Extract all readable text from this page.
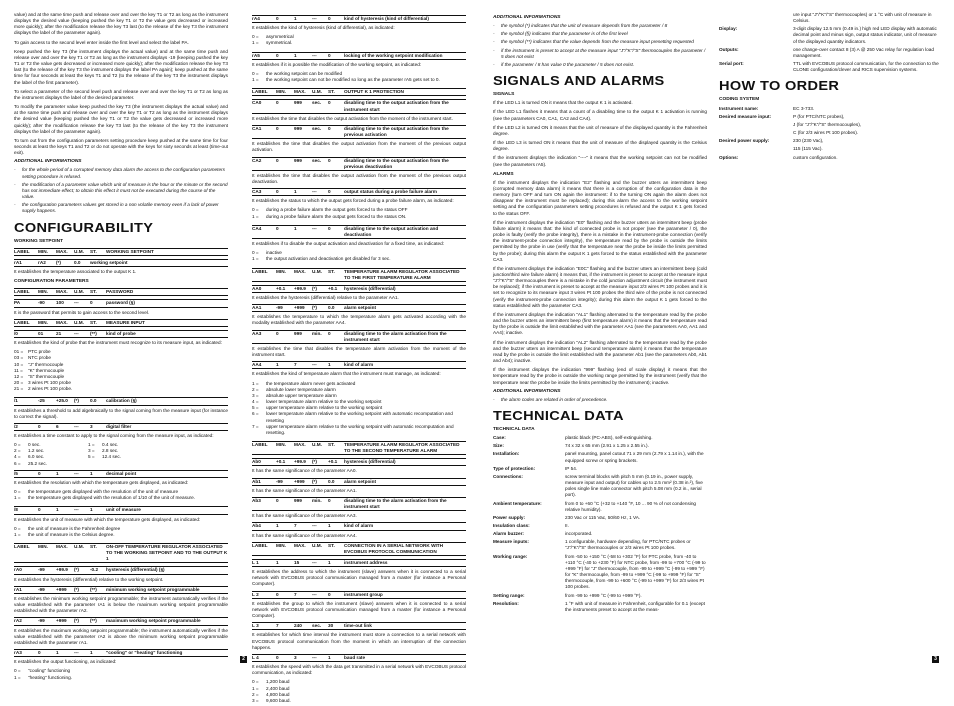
value) and at the same time push and release over and over the key T1 or T2 as long as the instrument displays the desired value (keeping pushed the key T1 or T2 the value gets decreased or increased more quickly); after the modification release the key T3 last (to the release of the key T3 the instrument displays the label of the parameter again).

To gain access to the second level enter inside the first level and select the label PA.

Keep pushed the key T3 (the instrument displays the actual value) and at the same time push and release over and over the key T1 or T2 as long as the instrument displays -19 (keeping pushed the key T1 or T2 the value gets decreased or increased more quickly); after the modification release the key T3 last (to the release of the key T3 the instrument displays the label PA again); keep pushed at the same time for four seconds at least the keys T1 and T2 (to the release of the key T3 the instrument displays the label of the first parameter).

To select a parameter of the second level push and release over and over the key T1 or T2 as long as the instrument displays the label of the desired parameter.

To modify the parameter value keep pushed the key T3 (the instrument displays the actual value) and at the same time push and release over and over the key T1 or T2 as long as the instrument displays the desired value (keeping pushed the key T1 or T2 the value gets decreased or increased more quickly); after the modification release the key T3 last (to the release of the key T3 the instrument displays the label of the parameter again).

To turn out from the configuration parameters setting procedure keep pushed at the same time for four seconds at least the keys T1 and T2 or do not operate with the keys for sixty seconds at least (time-out exit).

ADDITIONAL INFORMATIONS
-	for the whole period of a corrupted memory data alarm the access to the configuration parameters setting procedure is refused.
-	the modification of a parameter value which unit of measure is the hour or the minute or the second has not immediate effect; to obtain this effect it must not be executed during the course of the value.
-	the configuration parameters values get stored in a non volatile memory even if a lack of power supply happens.
CONFIGURABILITY
WORKING SETPOINT
LABEL	MIN.	MAX.	U.M.	ST.	WORKING SETPOINT
rA1	rA2	(*)	0.0	working setpoint

It establishes the temperature associated to the output K 1.

CONFIGURATION PARAMETERS
LABEL	MIN.	MAX.	U.M.	ST.	PASSWORD
PA	-90	100	---	0	password (§)

It is the password that permits to gain access to the second level.

LABEL	MIN.	MAX.	U.M.	ST.	MEASURE INPUT
/0	01	21	---	(**)	kind of probe

It establishes the kind of probe that the instrument must recognize to its measure input, as indicated:

01 =	PTC probe
03 =	NTC probe
10 =	"J" thermocouple
11 =	"K" thermocouple
12 =	"S" thermocouple
20 =	3 wires Pt 100 probe
21 =	2 wires Pt 100 probe.
/1	-25	+25.0	(*)	0.0	calibration (§)

It establishes a threshold to add algebraically to the signal coming from the measure input (for instance to correct the signal).

/2	0	6	---	3	digital filter

It establishes a time constant to apply to the signal coming from the measure input, as indicated:

0 =	0 sec.	1 =	0.4 sec.
2 =	1.2 sec.	3 =	2.8 sec.
4 =	6.0 sec.	5 =	12.4 sec.
6 =	25.2 sec.
/5	0	1	---	1	decimal point

It establishes the resolution with which the temperature gets displayed, as indicated:

0 =	the temperature gets displayed with the resolution of the unit of measure
1 =	the temperature gets displayed with the resolution of 1/10 of the unit of measure.
/8	0	1	---	1	unit of measure

It establishes the unit of measure with which the temperature gets displayed, as indicated:

0 =	the unit of measure is the Fahrenheit degree
1 =	the unit of measure is the Celsius degree.
LABEL	MIN.	MAX.	U.M.	ST.	ON-OFF TEMPERATURE REGULATOR ASSOCIATED TO THE WORKING SETPOINT AND TO THE OUTPUT K 1
rA0	-99	+99.9	(*)	-0.2	hysteresis (differential) (§)

It establishes the hysteresis (differential) relative to the working setpoint.

rA1	-99	+999	(*)	(**)	minimum working setpoint programmable

It establishes the minimum working setpoint programmable; the instrument automatically verifies if the value established with the parameter rA1 is below the maximum working setpoint programmable established with the parameter rA2.

rA2	-99	+999	(*)	(**)	maximum working setpoint programmable

It establishes the maximum working setpoint programmable; the instrument automatically verifies if the value established with the parameter rA2 is above the minimum working setpoint programmable established with the parameter rA1.

rA3	0	1	---	1	"cooling" or "heating" functioning

It establishes the output functioning, as indicated:

0 =	"cooling" functioning
1 =	"heating" functioning.
rA4	0	1	---	0	kind of hysteresis (kind of differential)

It establishes the kind of hysteresis (kind of differential), as indicated:

0 =	asymmetrical
1 =	symmetrical.
rA5	0	1	---	0	locking of the working setpoint modification

It establishes if it is possible the modification of the working setpoint, as indicated:

0 =	the working setpoint can be modified
1 =	the working setpoint can not be modified so long as the parameter rA5 gets set to 0.
LABEL	MIN.	MAX.	U.M.	ST.	OUTPUT K 1 PROTECTION
CA0	0	999	sec.	0	disabling time to the output activation from the instrument start

It establishes the time that disables the output activation from the moment of the instrument start.

CA1	0	999	sec.	0	disabling time to the output activation from the previous activation

It establishes the time that disables the output activation from the moment of the previous output activation.

CA2	0	999	sec.	0	disabling time to the output activation from the previous deactivation

It establishes the time that disables the output activation from the moment of the previous output deactivation.

CA3	0	1	---	0	output status during a probe failure alarm

It establishes the status to which the output gets forced during a probe failure alarm, as indicated:

0 =	during a probe failure alarm the output gets forced to the status OFF
1 =	during a probe failure alarm the output gets forced to the status ON.
CA4	0	1	---	0	disabling time to the output activation and deactivation

It establishes if to disable the output activation and deactivation for a fixed time, as indicated:

0 =	inactive
1 =	the output activation and deactivation get disabled for 3 sec.
LABEL	MIN.	MAX.	U.M.	ST.	TEMPERATURE ALARM REGULATOR ASSOCIATED TO THE FIRST TEMPERATURE ALARM
AA0	+0.1	+99.9	(*)	+0.1	hysteresis (differential)

It establishes the hysteresis (differential) relative to the parameter AA1.

AA1	-99	+999	(*)	0.0	alarm setpoint

It establishes the temperature to which the temperature alarm gets activated according with the modality established with the parameter AA4.

AA3	0	999	min.	0	disabling time to the alarm activation from the instrument start

It establishes the time that disables the temperature alarm activation from the moment of the instrument start.

AA4	1	7	---	1	kind of alarm

It establishes the kind of temperature alarm that the instrument must manage, as indicated:

1 =	the temperature alarm never gets activated
2 =	absolute lower temperature alarm
3 =	absolute upper temperature alarm
4 =	lower temperature alarm relative to the working setpoint
5 =	upper temperature alarm relative to the working setpoint
6 =	lower temperature alarm relative to the working setpoint with automatic recomputation and resetting
7 =	upper temperature alarm relative to the working setpoint with automatic recomputation and resetting.
LABEL	MIN.	MAX.	U.M.	ST.	TEMPERATURE ALARM REGULATOR ASSOCIATED TO THE SECOND TEMPERATURE ALARM
Ab0	+0.1	+99.9	(*)	+0.1	hysteresis (differential)

It has the same significance of the parameter AA0.

Ab1	-99	+999	(*)	0.0	alarm setpoint

It has the same significance of the parameter AA1.

Ab3	0	999	min.	0	disabling time to the alarm activation from the instrument start

It has the same significance of the parameter AA3.

Ab4	1	7	---	1	kind of alarm

It has the same significance of the parameter AA4.

LABEL	MIN.	MAX.	U.M.	ST.	CONNECTION IN A SERIAL NETWORK WITH EVCOBUS PROTOCOL COMMUNICATION
L 1	1	15	---	1	instrument address

It establishes the address to which the instrument (slave) answers when it is connected to a serial network with EVCOBUS protocol communication managed from a master (for instance a Personal Computer).

L 2	0	7	---	0	instrument group

It establishes the group to which the instrument (slave) answers when it is connected to a serial network with EVCOBUS protocol communication managed from a master (for instance a Personal Computer).

L 3	7	240	sec.	30	time-out link

It establishes for which time interval the instrument must store a connection to a serial network with EVCOBUS protocol communication from the moment in which an interruption of the connection happens.

L 4	0	3	---	1	baud rate

It establishes the speed with which the data get transmitted in a serial network with EVCOBUS protocol communication, as indicated:

0 =	1,200 baud
1 =	2,400 baud
2 =	4,800 baud
3 =	9,600 baud.
ADDITIONAL INFORMATIONS
-	the symbol (*) indicates that the unit of measure depends from the parameter / 8
-	the symbol (§) indicates that the parameter is of the first level
-	the symbol (**) indicates that the value depends from the measure input presetting requested
-	if the instrument is preset to accept at the measure input "J"/"K"/"S" thermocouples the parameter / 5 does not exist
-	if the parameter / 8 has value 0 the parameter / 5 does not exist.
SIGNALS AND ALARMS
SIGNALS

If the LED L1 is turned ON it means that the output K 1 is activated.

If the LED L1 flashes it means that a count of a disabling time to the output K 1 activation is running (see the parameters CA0, CA1, CA2 and CA4).

If the LED L2 is turned ON it means that the unit of measure of the displayed quantity is the Fahrenheit degree.

If the LED L3 is turned ON it means that the unit of measure of the displayed quantity is the Celsius degree.

If the instrument displays the indication "----" it means that the working setpoint can not be modified (see the parameters rA5).

ALARMS

If the instrument displays the indication "E2" flashing and the buzzer utters an intermittent beep (corrupted memory data alarm) it means that there is a corruption of the configuration data in the memory (turn OFF and turn ON again the instrument: if to the turning ON again the alarm does not disappear the instrument must be replaced); during this alarm the access to the working setpoint setting and the configuration parameters setting procedures is refused and the output K 1 gets forced to the status OFF.

If the instrument displays the indication "E0" flashing and the buzzer utters an intermittent beep (probe failure alarm) it means that: the kind of connected probe is not proper (see the parameter / 0), the probe is faulty (verify the probe integrity), there is a mistake in the instrument-probe connection (verify the instrument-probe connection integrity), the temperature read by the probe is outside the limits permitted by the probe in use (verify that the temperature near the probe be inside the limits permitted by the probe); during this alarm the output K 1 gets forced to the status established with the parameter CA3.

If the instrument displays the indication "E0C" flashing and the buzzer utters an intermittent beep (cold junction/third wire failure alarm) it means that, if the instrument is preset to accept at the measure input "J"/"K"/"S" thermocouples there is a mistake in the cold junction adjustment circuit (the instrument must be replaced); if the instrument is preset to accept at the measure input 2/3 wires Pt 100 probes and it is set to recognize to its measure input 3 wires Pt 100 probes the third wire of the probe is not connected (verify the instrument-probe connection integrity); during this alarm the output K 1 gets forced to the status established with the parameter CA3.

If the instrument displays the indication "AL1" flashing alternated to the temperature read by the probe and the buzzer utters an intermittent beep (first temperature alarm) it means that the temperature read by the probe is outside the limit established with the parameter AA1 (see the parameters AA0, AA1 and AA4); inactive.

If the instrument displays the indication "AL2" flashing alternated to the temperature read by the probe and the buzzer utters an intermittent beep (second temperature alarm) it means that the temperature read by the probe is outside the limit established with the parameter Ab1 (see the parameters Ab0, Ab1 and Ab4); inactive.

If the instrument displays the indication "999" flashing (end of scale display) it means that the temperature read by the probe is outside the working range permitted by the instrument (verify that the temperature near the probe be inside the limits permitted by the instrument); inactive.

ADDITIONAL INFORMATIONS
-	the alarm codes are related in order of precedence.
TECHNICAL DATA
TECHNICAL DATA
Case:	plastic black (PC-ABS), self-extinguishing.
Size:	74 x 32 x 65 mm (2.91 x 1.25 x 2.55 in.).
Installation:	panel mounting, panel cutout 71 x 29 mm (2.79 x 1.14 in.), with the equipped screw or spring brackets.
Type of protection:	IP 54.
Connections:	screw terminal blocks with pitch 5 mm (0.19 in., power supply, measure input and output) for cables up to 2.5 mm² (0.38 in.²), five poles single line male connector with pitch 5.08 mm (0.2 in., serial port).
Ambient temperature:	from 0 to +60 °C (+32 to +140 °F, 10 ... 90 % of not condensing relative humidity).
Power supply:	230 Vac or 115 Vac, 50/60 Hz, 1 VA.
Insulation class:	II.
Alarm buzzer:	incorporated.
Measure inputs:	1 configurable, hardware depending, for PTC/NTC probes or "J"/"K"/"S" thermocouples or 2/3 wires Pt 100 probes.
Working range:	from -50 to +150 °C (-58 to +302 °F) for PTC probe, from -40 to +110 °C (-40 to +230 °F) for NTC probe, from -99 to +700 °C (-99 to +999 °F) for "J" thermocouple, from -99 to +999 °C (-99 to +999 °F) for "K" thermocouple, from -99 to +999 °C (-99 to +999 °F) for "S" thermocouple, from -99 to +600 °C (-99 to +999 °F) for 2/3 wires Pt 100 probes.
Setting range:	from -99 to +999 °C (-99 to +999 °F).
Resolution:	1 °F with unit of measure in Fahrenheit, configurable for 0.1 (except the instruments preset to accept at the meas-
ure input "J"/"K"/"S" thermocouples) or 1 °C with unit of measure in Celsius.
Display:	3-digit display 12.5 mm (0.49 in.) high red LED display with automatic decimal point and minus sign, output status indicator, unit of measure of the displayed quantity indicators.
Outputs:	one change-over contact 8 (3) A @ 250 Vac relay for regulation load management.
Serial port:	TTL with EVCOBUS protocol communication, for the connection to the CLONE configuration/clever and RICS supervision systems.
HOW TO ORDER
CODING SYSTEM
Instrument name:	EC 3-733.
Desired measure input:	P (for PTC/NTC probes),
J (for "J"/"K"/"S" thermocouples),
C (for 2/3 wires Pt 100 probes).
Desired power supply:	230 (230 Vac),
115 (115 Vac).
Options:	custom configuration.
2	3
